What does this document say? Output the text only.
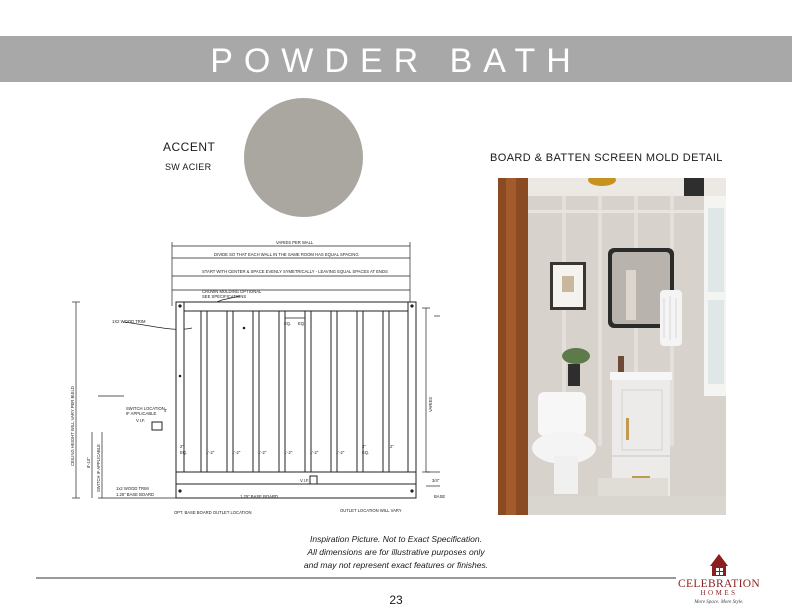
POWDER BATH
ACCENT
SW ACIER
BOARD & BATTEN SCREEN MOLD DETAIL
VARIES PER WALL
DIVIDE SO THAT EACH WALL IN THE SAME ROOM HAS EQUAL SPACING
START WITH CENTER & SPACE EVENLY SYMETRICALLY - LEAVING EQUAL SPACES AT ENDS
CROWN MOLDING OPTIONAL
SEE SPECIFICATIONS
1X2 WOOD TRIM
CEILING HEIGHT WILL VARY PER BUILD	SWITCH LOCATION
IF APPLICABLE
V.I.F.
4'
SWITCH IF APPLICABLE
8'-10"
EQ. EQ.
2"
EQ.	1'-2"	1'-2"	1'-2"	1'-2"	1'-2"	1'-2"
2"
EQ.
2"
1x2 WOOD TRIM
1.25" BASE BOARD
VARIES
3/4"
BASE
1.25" BASE BOARD
V.I.F.
OPT. BASE BOARD OUTLET LOCATION	OUTLET LOCATION WILL VARY
Inspiration Picture. Not to Exact Specification.
All dimensions are for illustrative purposes only
and may not represent exact features or finishes.
23
CELEBRATION
HOMES
More Space. More Style.
